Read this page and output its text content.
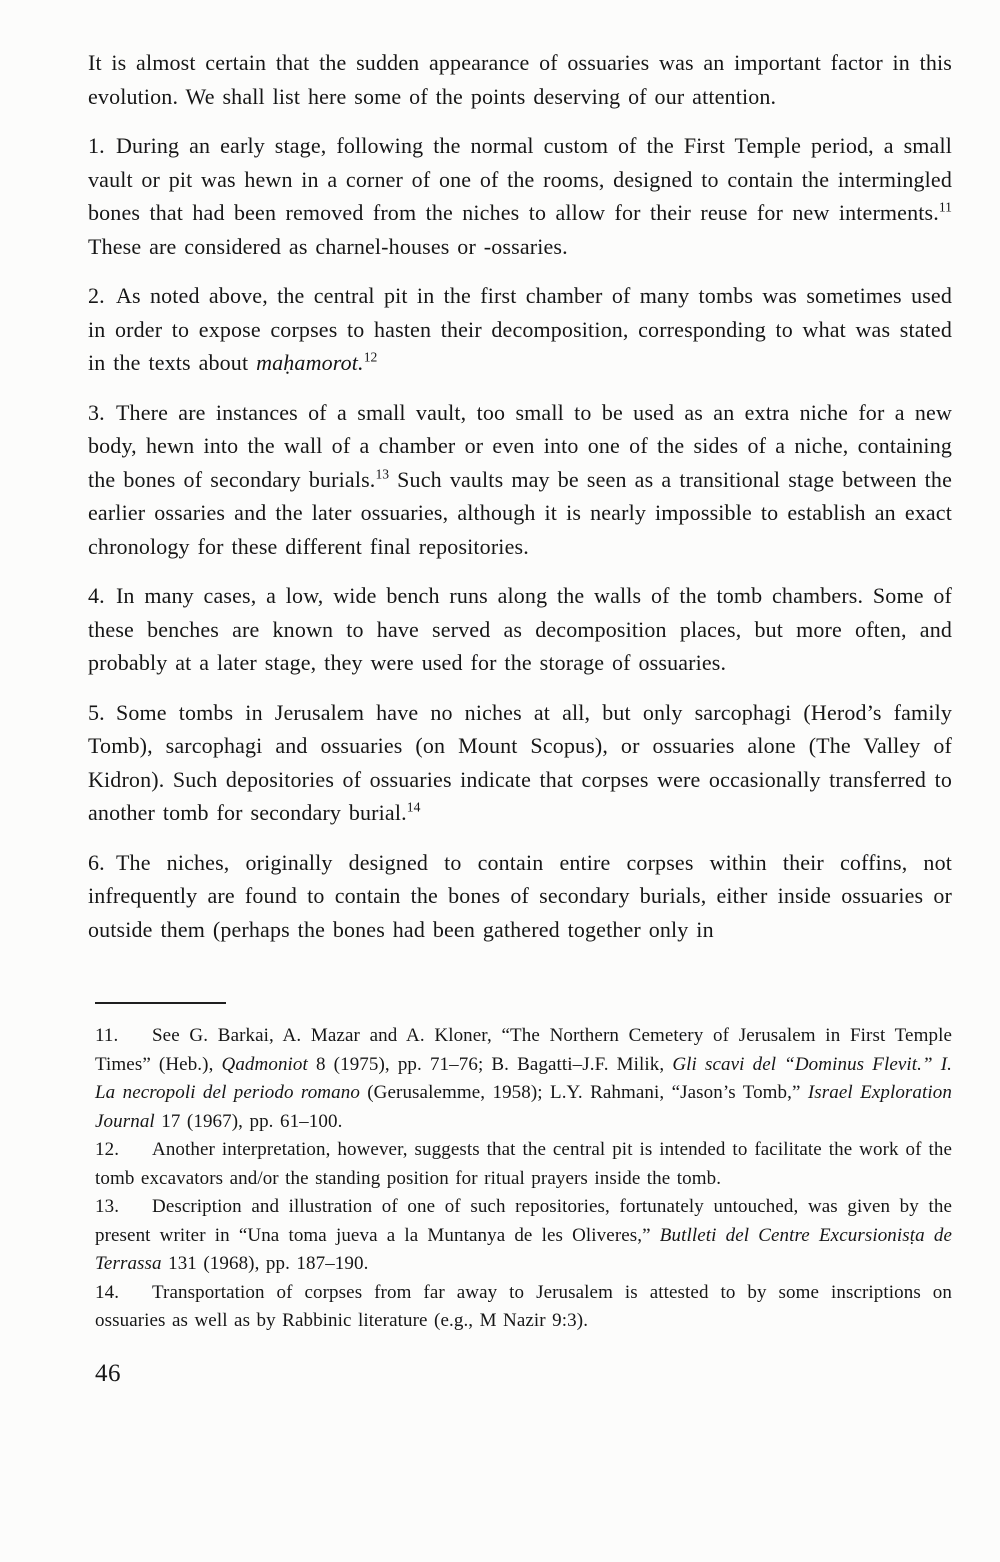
It is almost certain that the sudden appearance of ossuaries was an important factor in this evolution. We shall list here some of the points deserving of our attention.

1. During an early stage, following the normal custom of the First Temple period, a small vault or pit was hewn in a corner of one of the rooms, designed to contain the intermingled bones that had been removed from the niches to allow for their reuse for new interments.$^{11}$ These are considered as charnel-houses or ‑ossaries.

2. As noted above, the central pit in the first chamber of many tombs was sometimes used in order to expose corpses to hasten their decomposition, corresponding to what was stated in the texts about maḥamorot.$^{12}$

3. There are instances of a small vault, too small to be used as an extra niche for a new body, hewn into the wall of a chamber or even into one of the sides of a niche, containing the bones of secondary burials.$^{13}$ Such vaults may be seen as a transitional stage between the earlier ossaries and the later ossuaries, although it is nearly impossible to establish an exact chronology for these different final repositories.

4. In many cases, a low, wide bench runs along the walls of the tomb chambers. Some of these benches are known to have served as decomposition places, but more often, and probably at a later stage, they were used for the storage of ossuaries.

5. Some tombs in Jerusalem have no niches at all, but only sarcophagi (Herod’s family Tomb), sarcophagi and ossuaries (on Mount Scopus), or ossuaries alone (The Valley of Kidron). Such depositories of ossuaries indicate that corpses were occasionally transferred to another tomb for secondary burial.$^{14}$

6. The niches, originally designed to contain entire corpses within their coffins, not infrequently are found to contain the bones of secondary burials, either inside ossuaries or outside them (perhaps the bones had been gathered together only in

11. See G. Barkai, A. Mazar and A. Kloner, “The Northern Cemetery of Jerusalem in First Temple Times” (Heb.), Qadmoniot 8 (1975), pp. 71–76; B. Bagatti–J.F. Milik, Gli scavi del “Dominus Flevit.” I. La necropoli del periodo romano (Gerusalemme, 1958); L.Y. Rahmani, “Jason’s Tomb,” Israel Exploration Journal 17 (1967), pp. 61–100.

12. Another interpretation, however, suggests that the central pit is intended to facilitate the work of the tomb excavators and/or the standing position for ritual prayers inside the tomb.

13. Description and illustration of one of such repositories, fortunately untouched, was given by the present writer in “Una toma jueva a la Muntanya de les Oliveres,” Butlleti del Centre Excursionisṭa de Terrassa 131 (1968), pp. 187–190.

14. Transportation of corpses from far away to Jerusalem is attested to by some inscriptions on ossuaries as well as by Rabbinic literature (e.g., M Nazir 9:3).

46
